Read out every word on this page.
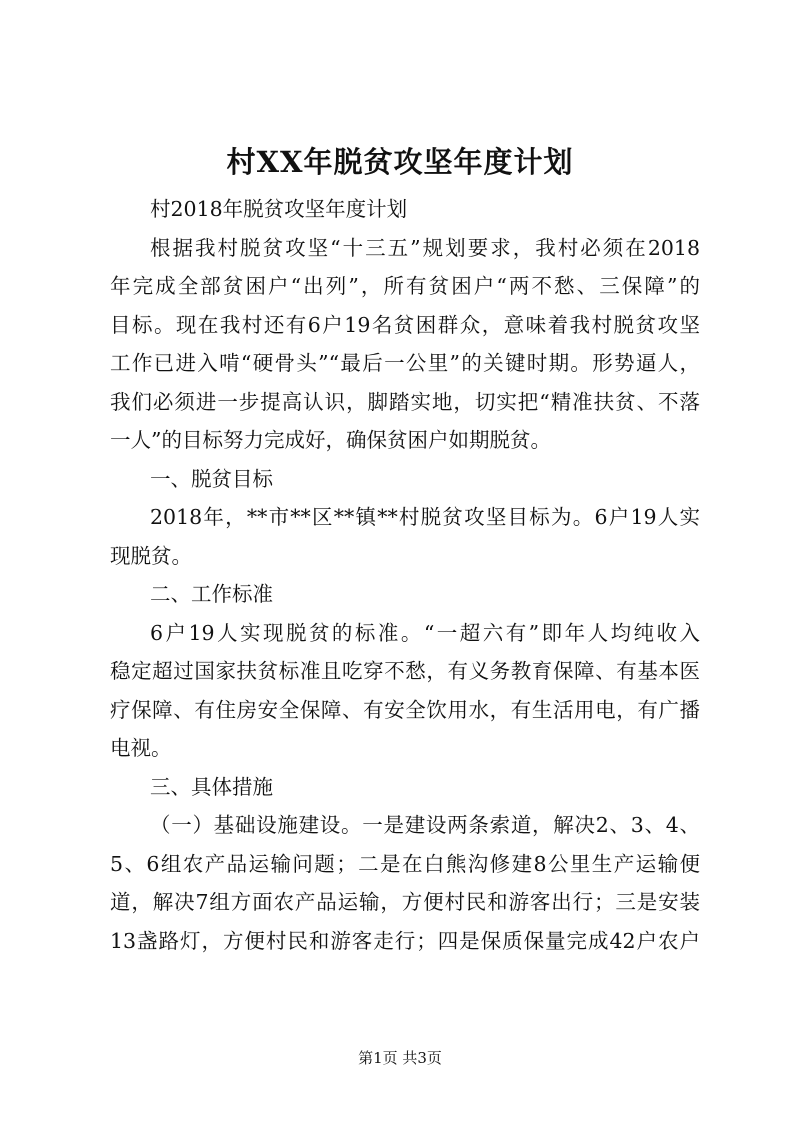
村XX年脱贫攻坚年度计划
村2018年脱贫攻坚年度计划
根据我村脱贫攻坚“十三五”规划要求，我村必须在2018
年完成全部贫困户“出列”，所有贫困户“两不愁、三保障”的
目标。现在我村还有6户19名贫困群众，意味着我村脱贫攻坚
工作已进入啃“硬骨头”“最后一公里”的关键时期。形势逼人，
我们必须进一步提高认识，脚踏实地，切实把“精准扶贫、不落
一人”的目标努力完成好，确保贫困户如期脱贫。
一、脱贫目标
2018年，**市**区**镇**村脱贫攻坚目标为。6户19人实
现脱贫。
二、工作标准
6户19人实现脱贫的标准。“一超六有”即年人均纯收入
稳定超过国家扶贫标准且吃穿不愁，有义务教育保障、有基本医
疗保障、有住房安全保障、有安全饮用水，有生活用电，有广播
电视。
三、具体措施
（一）基础设施建设。一是建设两条索道，解决2、3、4、
5、6组农产品运输问题；二是在白熊沟修建8公里生产运输便
道，解决7组方面农产品运输，方便村民和游客出行；三是安装
13盏路灯，方便村民和游客走行；四是保质保量完成42户农户
第1页 共3页
